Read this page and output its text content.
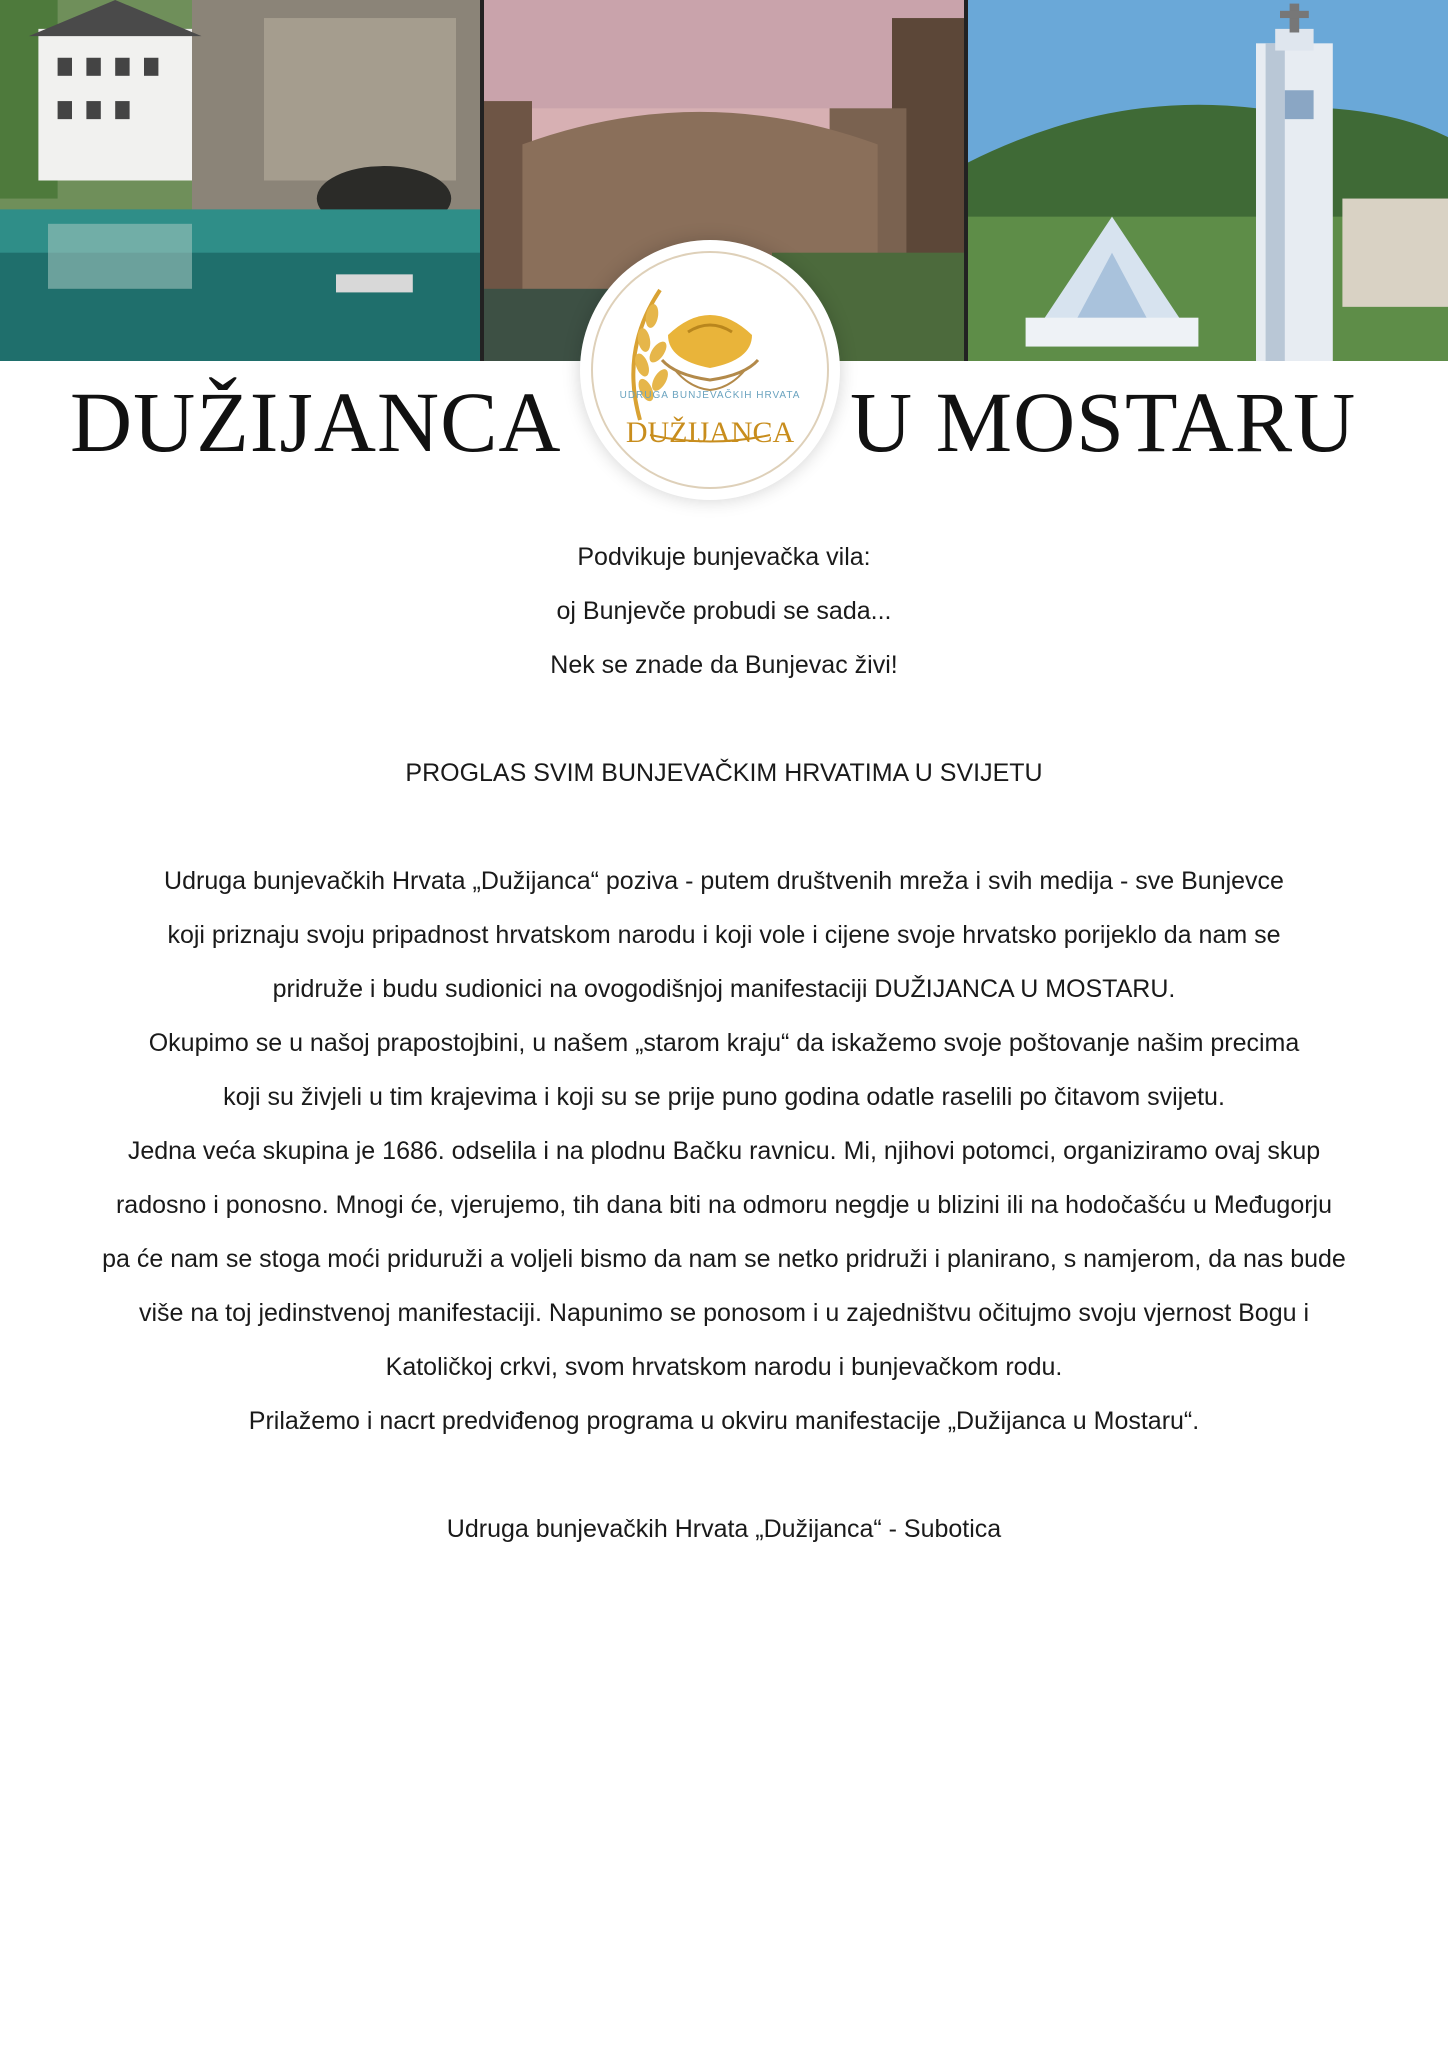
DUŽIJANCA	U MOSTARU
UDRUGA BUNJEVAČKIH HRVATA
DUŽIJANCA

Podvikuje bunjevačka vila:

oj Bunjevče probudi se sada...

Nek se znade da Bunjevac živi!

PROGLAS SVIM BUNJEVAČKIM HRVATIMA U SVIJETU

Udruga bunjevačkih Hrvata „Dužijanca“ poziva - putem društvenih mreža i svih medija - sve Bunjevce

koji priznaju svoju pripadnost hrvatskom narodu i koji vole i cijene svoje hrvatsko porijeklo da nam se

pridruže i budu sudionici na ovogodišnjoj manifestaciji DUŽIJANCA U MOSTARU.

Okupimo se u našoj prapostojbini, u našem „starom kraju“ da iskažemo svoje poštovanje našim precima

koji su živjeli u tim krajevima i koji su se prije puno godina odatle raselili po čitavom svijetu.

Jedna veća skupina je 1686. odselila i na plodnu Bačku ravnicu. Mi, njihovi potomci, organiziramo ovaj skup

radosno i ponosno. Mnogi će, vjerujemo, tih dana biti na odmoru negdje u blizini ili na hodočašću u Međugorju

pa će nam se stoga moći priduruži a voljeli bismo da nam se netko pridruži i planirano, s namjerom, da nas bude

više na toj jedinstvenoj manifestaciji. Napunimo se ponosom i u zajedništvu očitujmo svoju vjernost Bogu i

Katoličkoj crkvi, svom hrvatskom narodu i bunjevačkom rodu.

Prilažemo i nacrt predviđenog programa u okviru manifestacije „Dužijanca u Mostaru“.

Udruga bunjevačkih Hrvata „Dužijanca“ - Subotica
